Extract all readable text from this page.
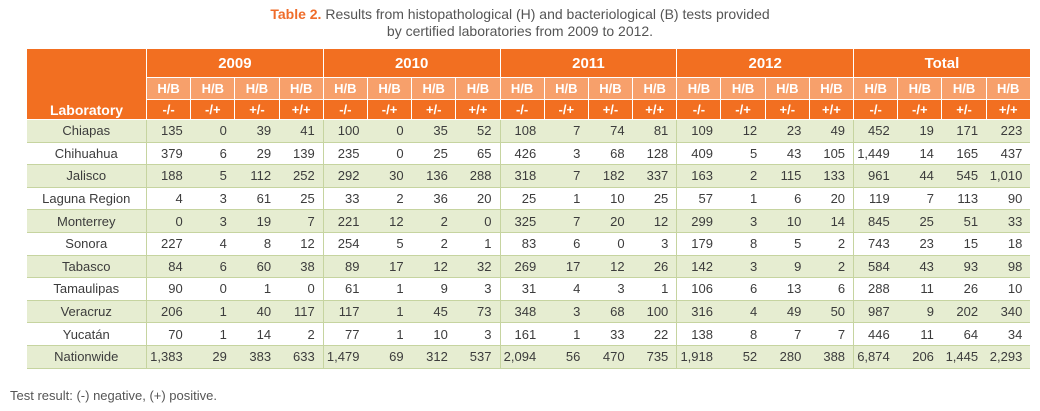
Table 2. Results from histopathological (H) and bacteriological (B) tests provided
by certified laboratories from 2009 to 2012.
Laboratory	2009				2010				2011				2012				Total			
	H/B	H/B	H/B	H/B	H/B	H/B	H/B	H/B	H/B	H/B	H/B	H/B	H/B	H/B	H/B	H/B	H/B	H/B	H/B	H/B
	-/-	-/+	+/-	+/+	-/-	-/+	+/-	+/+	-/-	-/+	+/-	+/+	-/-	-/+	+/-	+/+	-/-	-/+	+/-	+/+
Chiapas	135	0	39	41	100	0	35	52	108	7	74	81	109	12	23	49	452	19	171	223
Chihuahua	379	6	29	139	235	0	25	65	426	3	68	128	409	5	43	105	1,449	14	165	437
Jalisco	188	5	112	252	292	30	136	288	318	7	182	337	163	2	115	133	961	44	545	1,010
Laguna Region	4	3	61	25	33	2	36	20	25	1	10	25	57	1	6	20	119	7	113	90
Monterrey	0	3	19	7	221	12	2	0	325	7	20	12	299	3	10	14	845	25	51	33
Sonora	227	4	8	12	254	5	2	1	83	6	0	3	179	8	5	2	743	23	15	18
Tabasco	84	6	60	38	89	17	12	32	269	17	12	26	142	3	9	2	584	43	93	98
Tamaulipas	90	0	1	0	61	1	9	3	31	4	3	1	106	6	13	6	288	11	26	10
Veracruz	206	1	40	117	117	1	45	73	348	3	68	100	316	4	49	50	987	9	202	340
Yucatán	70	1	14	2	77	1	10	3	161	1	33	22	138	8	7	7	446	11	64	34
Nationwide	1,383	29	383	633	1,479	69	312	537	2,094	56	470	735	1,918	52	280	388	6,874	206	1,445	2,293
Test result: (-) negative, (+) positive.
